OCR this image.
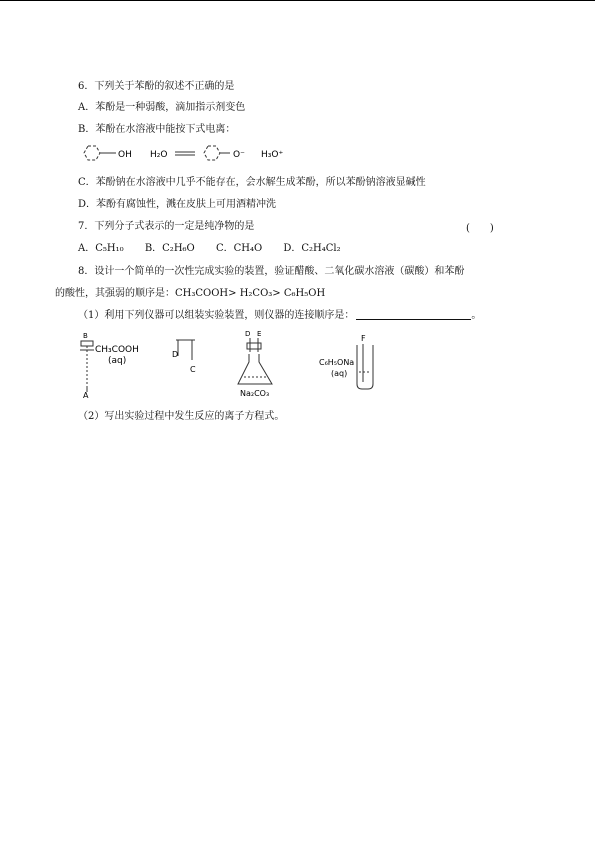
6．下列关于苯酚的叙述不正确的是
A．苯酚是一种弱酸，滴加指示剂变色
B．苯酚在水溶液中能按下式电离：
OH H₂O	O⁻ H₃O⁺
C．苯酚钠在水溶液中几乎不能存在，会水解生成苯酚，所以苯酚钠溶液显碱性
D．苯酚有腐蚀性，溅在皮肤上可用酒精冲洗
7．下列分子式表示的一定是纯净物的是	(　　)
A．C₅H₁₀ B．C₂H₆O C．CH₄O D．C₂H₄Cl₂
8．设计一个简单的一次性完成实验的装置，验证醋酸、二氧化碳水溶液（碳酸）和苯酚
的酸性，其强弱的顺序是：CH₃COOH> H₂CO₃> C₆H₅OH
（1）利用下列仪器可以组装实验装置，则仪器的连接顺序是：	。
B
CH₃COOH
(aq)
A
D
C
D E
Na₂CO₃
F
C₆H₅ONa
(aq)
（2）写出实验过程中发生反应的离子方程式。
